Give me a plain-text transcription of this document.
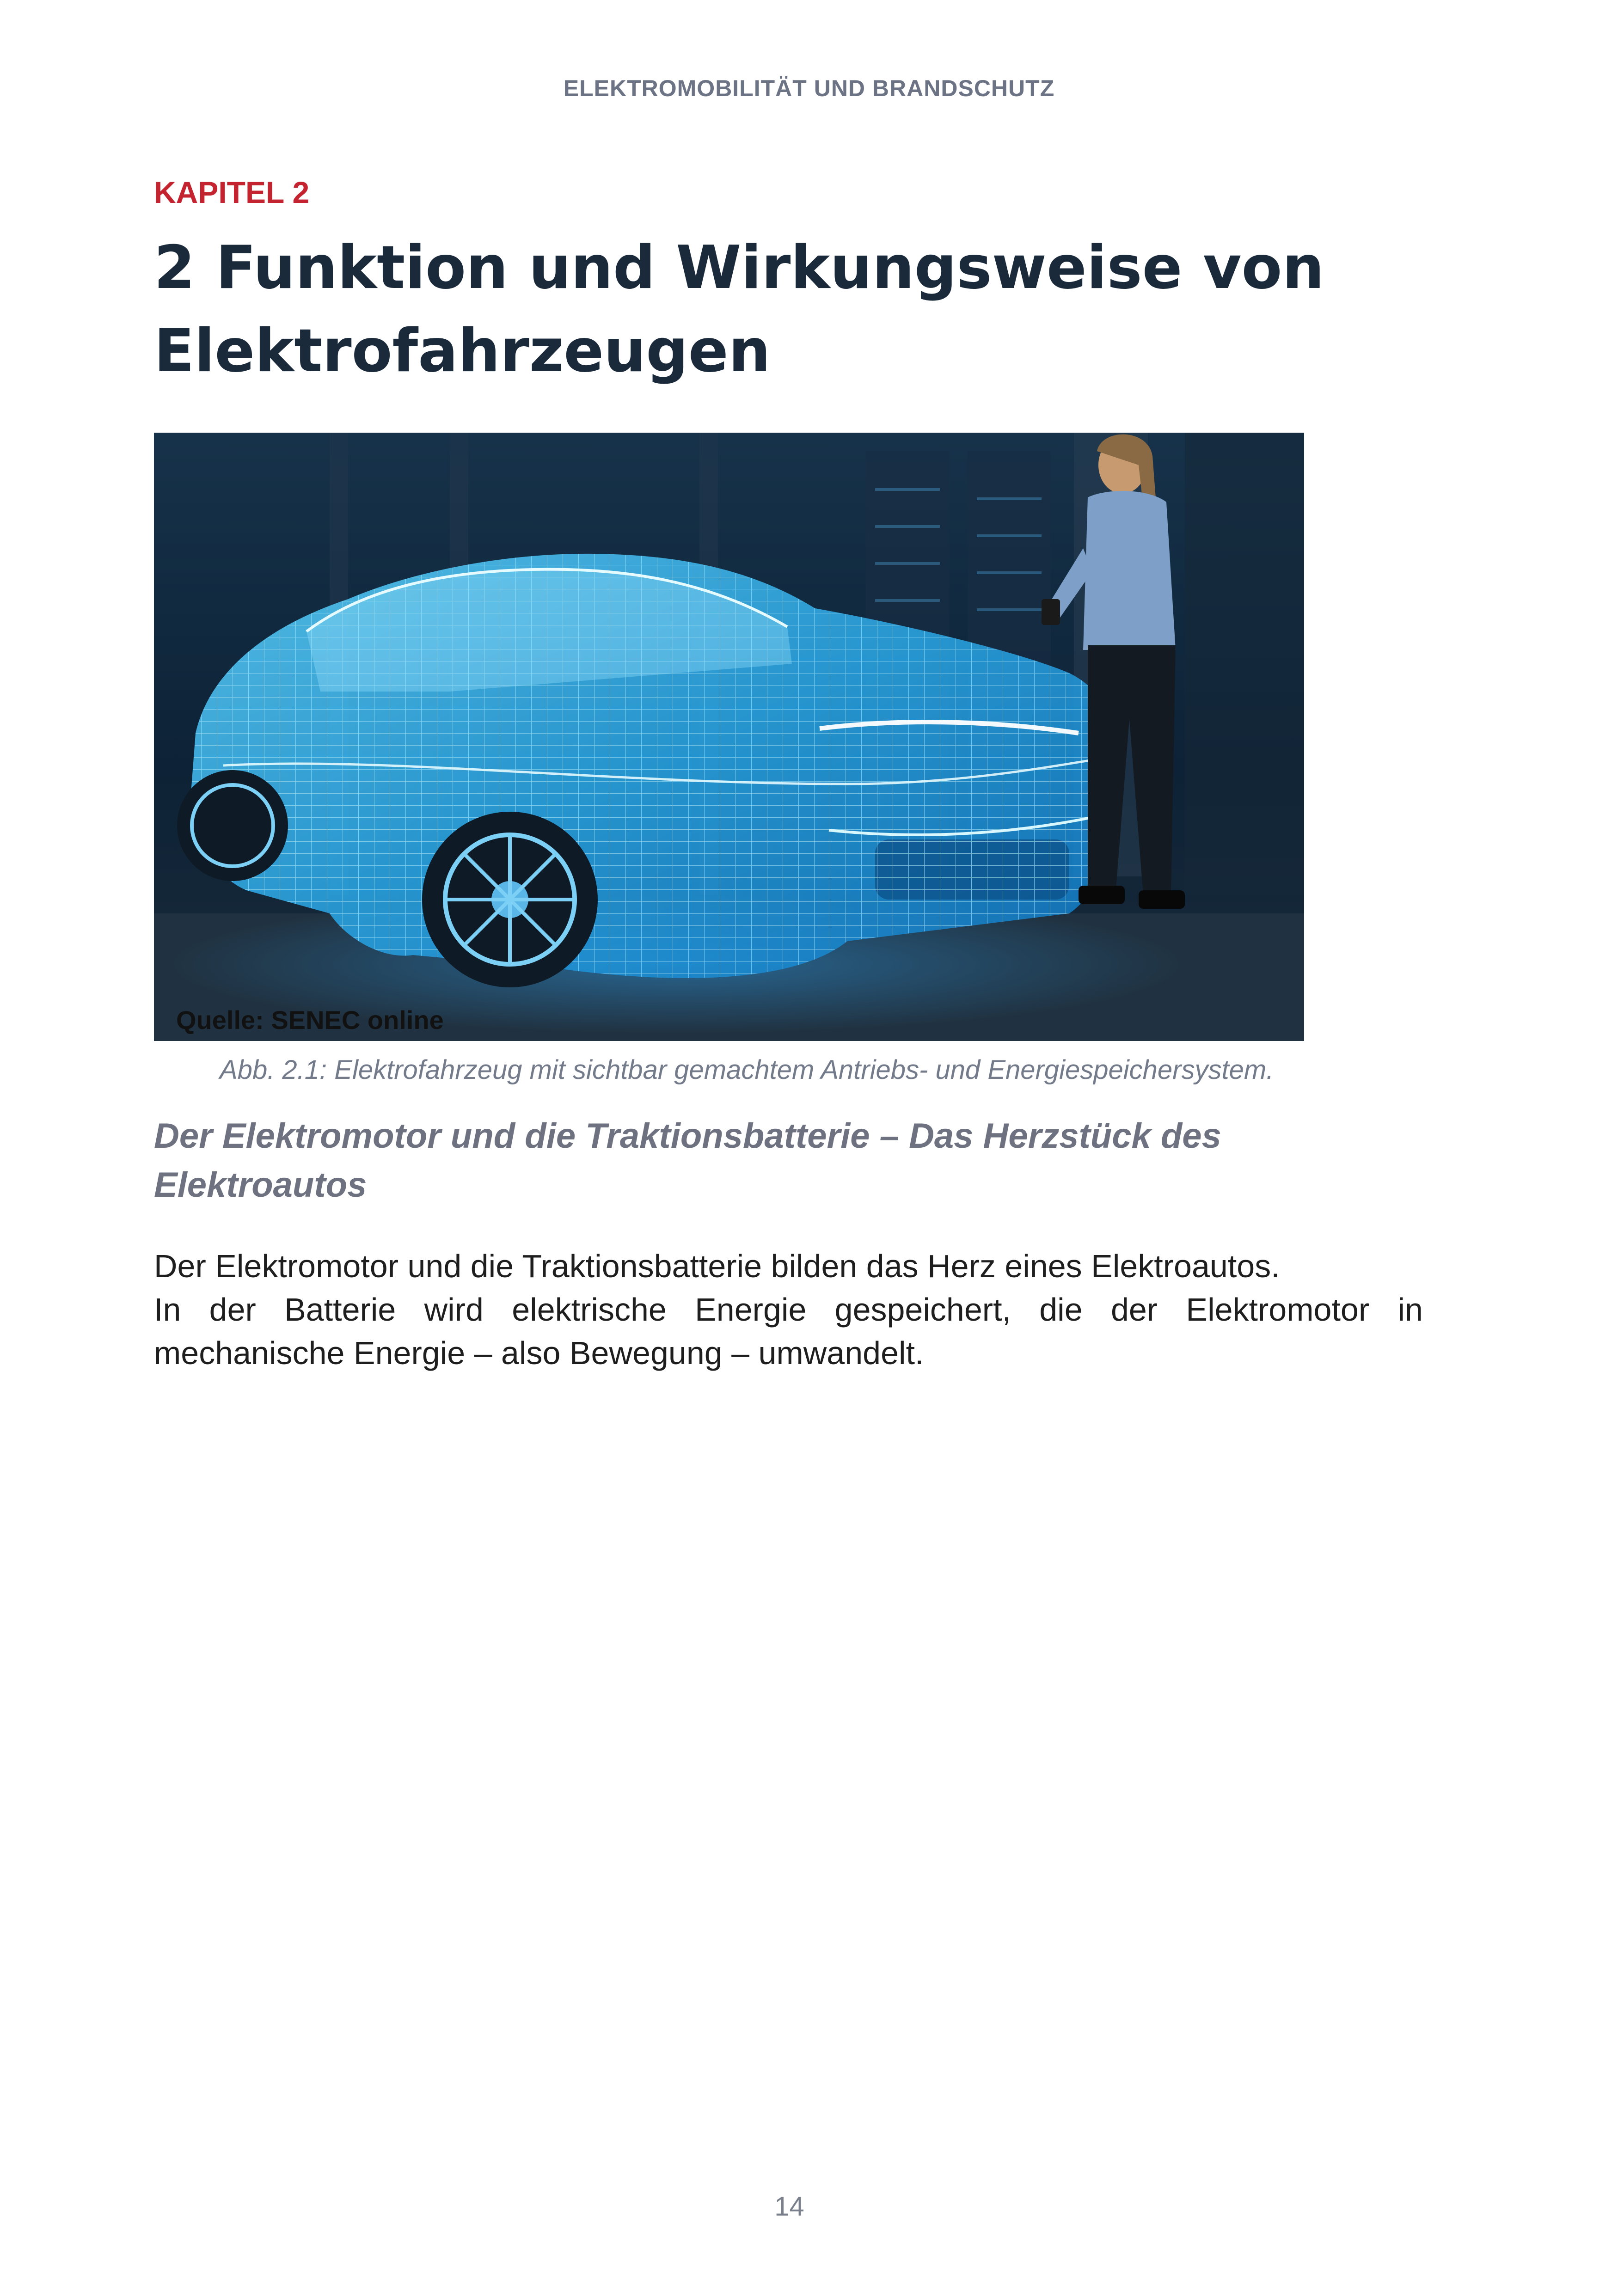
ELEKTROMOBILITÄT UND BRANDSCHUTZ
KAPITEL 2
2 Funktion und Wirkungsweise von
Elektrofahrzeugen
Quelle: SENEC online
Abb. 2.1: Elektrofahrzeug mit sichtbar gemachtem Antriebs- und Energiespeichersystem.
Der Elektromotor und die Traktionsbatterie – Das Herzstück des
Elektroautos
Der Elektromotor und die Traktionsbatterie bilden das Herz eines Elektroautos.
In der Batterie wird elektrische Energie gespeichert, die der Elektromotor in
mechanische Energie – also Bewegung – umwandelt.
14
